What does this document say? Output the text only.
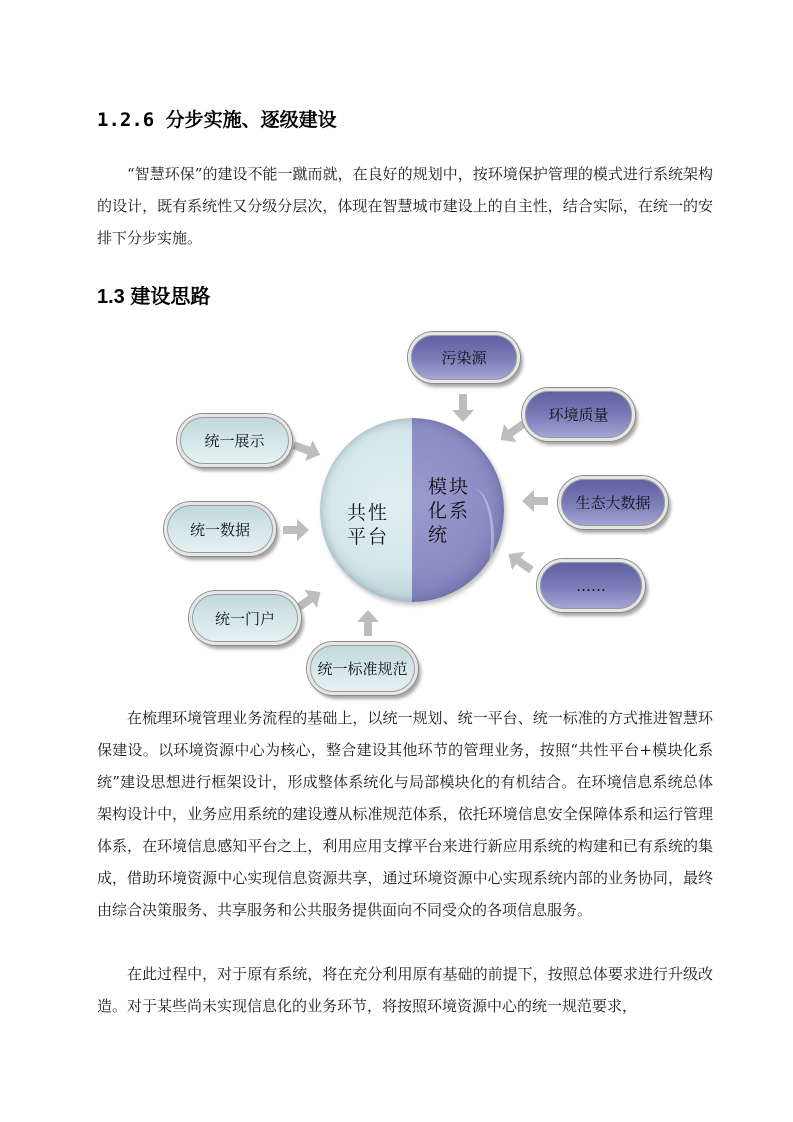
1.2.6 分步实施、逐级建设
“智慧环保”的建设不能一蹴而就，在良好的规划中，按环境保护管理的模式进行系统架构的设计，既有系统性又分级分层次，体现在智慧城市建设上的自主性，结合实际，在统一的安排下分步实施。
1.3 建设思路
共性
平台
模块
化系
统
污染源
环境质量
生态大数据
……
统一展示
统一数据
统一门户
统一标准规范
在梳理环境管理业务流程的基础上，以统一规划、统一平台、统一标准的方式推进智慧环保建设。以环境资源中心为核心，整合建设其他环节的管理业务，按照“共性平台+模块化系统”建设思想进行框架设计，形成整体系统化与局部模块化的有机结合。在环境信息系统总体架构设计中，业务应用系统的建设遵从标准规范体系，依托环境信息安全保障体系和运行管理体系，在环境信息感知平台之上，利用应用支撑平台来进行新应用系统的构建和已有系统的集成，借助环境资源中心实现信息资源共享，通过环境资源中心实现系统内部的业务协同，最终由综合决策服务、共享服务和公共服务提供面向不同受众的各项信息服务。
在此过程中，对于原有系统，将在充分利用原有基础的前提下，按照总体要求进行升级改造。对于某些尚未实现信息化的业务环节，将按照环境资源中心的统一规范要求，
